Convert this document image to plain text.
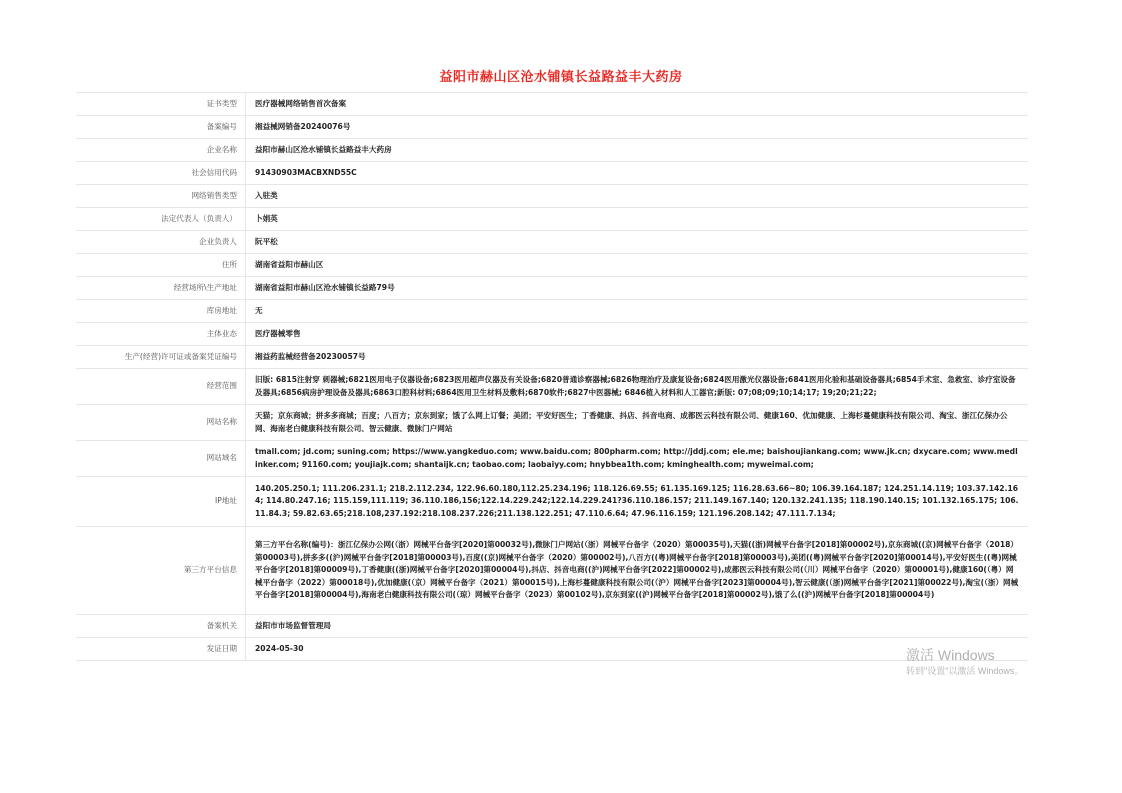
益阳市赫山区沧水铺镇长益路益丰大药房
证书类型	医疗器械网络销售首次备案
备案编号	湘益械网销备20240076号
企业名称	益阳市赫山区沧水铺镇长益路益丰大药房
社会信用代码	91430903MACBXND55C
网络销售类型	入驻类
法定代表人（负责人）	卜娟英
企业负责人	阮平松
住所	湖南省益阳市赫山区
经营场所\生产地址	湖南省益阳市赫山区沧水铺镇长益路79号
库房地址	无
主体业态	医疗器械零售
生产(经营)许可证或备案凭证编号	湘益药监械经营备20230057号
经营范围	旧版: 6815注射穿 刺器械;6821医用电子仪器设备;6823医用超声仪器及有关设备;6820普通诊察器械;6826物理治疗及康复设备;6824医用激光仪器设备;6841医用化验和基础设备器具;6854手术室、急救室、诊疗室设备及器具;6856病房护理设备及器具;6863口腔科材料;6864医用卫生材料及敷料;6870软件;6827中医器械; 6846植入材料和人工器官;新版: 07;08;09;10;14;17; 19;20;21;22;
网站名称	天猫；京东商城；拼多多商城；百度；八百方；京东到家；饿了么网上订餐；美团；平安好医生；丁香健康、抖店、抖音电商、成都医云科技有限公司、健康160、优加健康、上海杉蔓健康科技有限公司、淘宝、浙江亿保办公网、海南老白健康科技有限公司、智云健康、微脉门户网站
网站域名	tmall.com; jd.com; suning.com; https://www.yangkeduo.com; www.baidu.com; 800pharm.com; http://jddj.com; ele.me; baishoujiankang.com; www.jk.cn; dxycare.com; www.medlinker.com; 91160.com; youjiajk.com; shantaijk.cn; taobao.com; laobaiyy.com; hnybbea1th.com; kminghealth.com; myweimai.com;
IP地址	140.205.250.1; 111.206.231.1; 218.2.112.234, 122.96.60.180,112.25.234.196; 118.126.69.55; 61.135.169.125; 116.28.63.66~80; 106.39.164.187; 124.251.14.119; 103.37.142.164; 114.80.247.16; 115.159,111.119; 36.110.186,156;122.14.229.242;122.14.229.241?36.110.186.157; 211.149.167.140; 120.132.241.135; 118.190.140.15; 101.132.165.175; 106.11.84.3; 59.82.63.65;218.108,237.192:218.108.237.226;211.138.122.251; 47.110.6.64; 47.96.116.159; 121.196.208.142; 47.111.7.134;
第三方平台信息	第三方平台名称(编号)：浙江亿保办公网(（浙）网械平台备字[2020]第00032号),微脉门户网站(（浙）网械平台备字（2020）第00035号),天猫((浙)网械平台备字[2018]第00002号),京东商城((京)网械平台备字（2018）第00003号),拼多多((沪)网械平台备字[2018]第00003号),百度((京)网械平台备字（2020）第00002号),八百方((粤)网械平台备字[2018]第00003号),美团((粤)网械平台备字[2020]第00014号),平安好医生((粤)网械平台备字[2018]第00009号),丁香健康((浙)网械平台备字[2020]第00004号),抖店、抖音电商((沪)网械平台备字[2022]第00002号),成都医云科技有限公司(（川）网械平台备字（2020）第00001号),健康160(（粤）网械平台备字（2022）第00018号),优加健康(（京）网械平台备字（2021）第00015号),上海杉蔓健康科技有限公司(（沪）网械平台备字[2023]第00004号),智云健康(（浙)网械平台备字[2021]第00022号),淘宝(（浙）网械平台备字[2018]第00004号),海南老白健康科技有限公司(（琼）网械平台备字（2023）第00102号),京东到家((沪)网械平台备字[2018]第00002号),饿了么((沪)网械平台备字[2018]第00004号)
备案机关	益阳市市场监督管理局
发证日期	2024-05-30	激活 Windows
转到"设置"以激活 Windows。
